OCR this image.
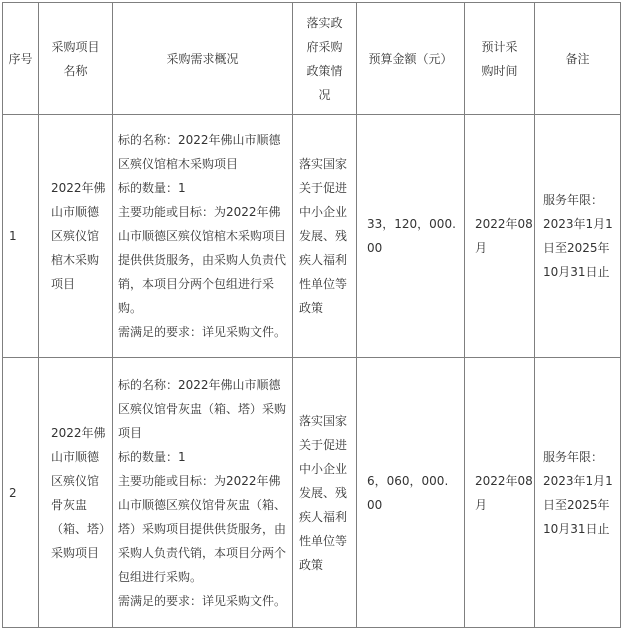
序号	采购项目名称	采购需求概况	落实政府采购政策情况	预算金额（元）	预计采购时间	备注
1	2022年佛山市顺德区殡仪馆棺木采购项目	标的名称：2022年佛山市顺德区殡仪馆棺木采购项目
标的数量：1
主要功能或目标：为2022年佛山市顺德区殡仪馆棺木采购项目提供供货服务，由采购人负责代销，本项目分两个包组进行采购。
需满足的要求：详见采购文件。	落实国家关于促进中小企业发展、残疾人福利性单位等政策	33，120，000. 00	2022年08月	服务年限：2023年1月1日至2025年10月31日止
2	2022年佛山市顺德区殡仪馆骨灰盅（箱、塔）采购项目	标的名称：2022年佛山市顺德区殡仪馆骨灰盅（箱、塔）采购项目
标的数量：1
主要功能或目标：为2022年佛山市顺德区殡仪馆骨灰盅（箱、塔）采购项目提供供货服务，由采购人负责代销，本项目分两个包组进行采购。
需满足的要求：详见采购文件。	落实国家关于促进中小企业发展、残疾人福利性单位等政策	6，060，000. 00	2022年08月	服务年限：2023年1月1日至2025年10月31日止
